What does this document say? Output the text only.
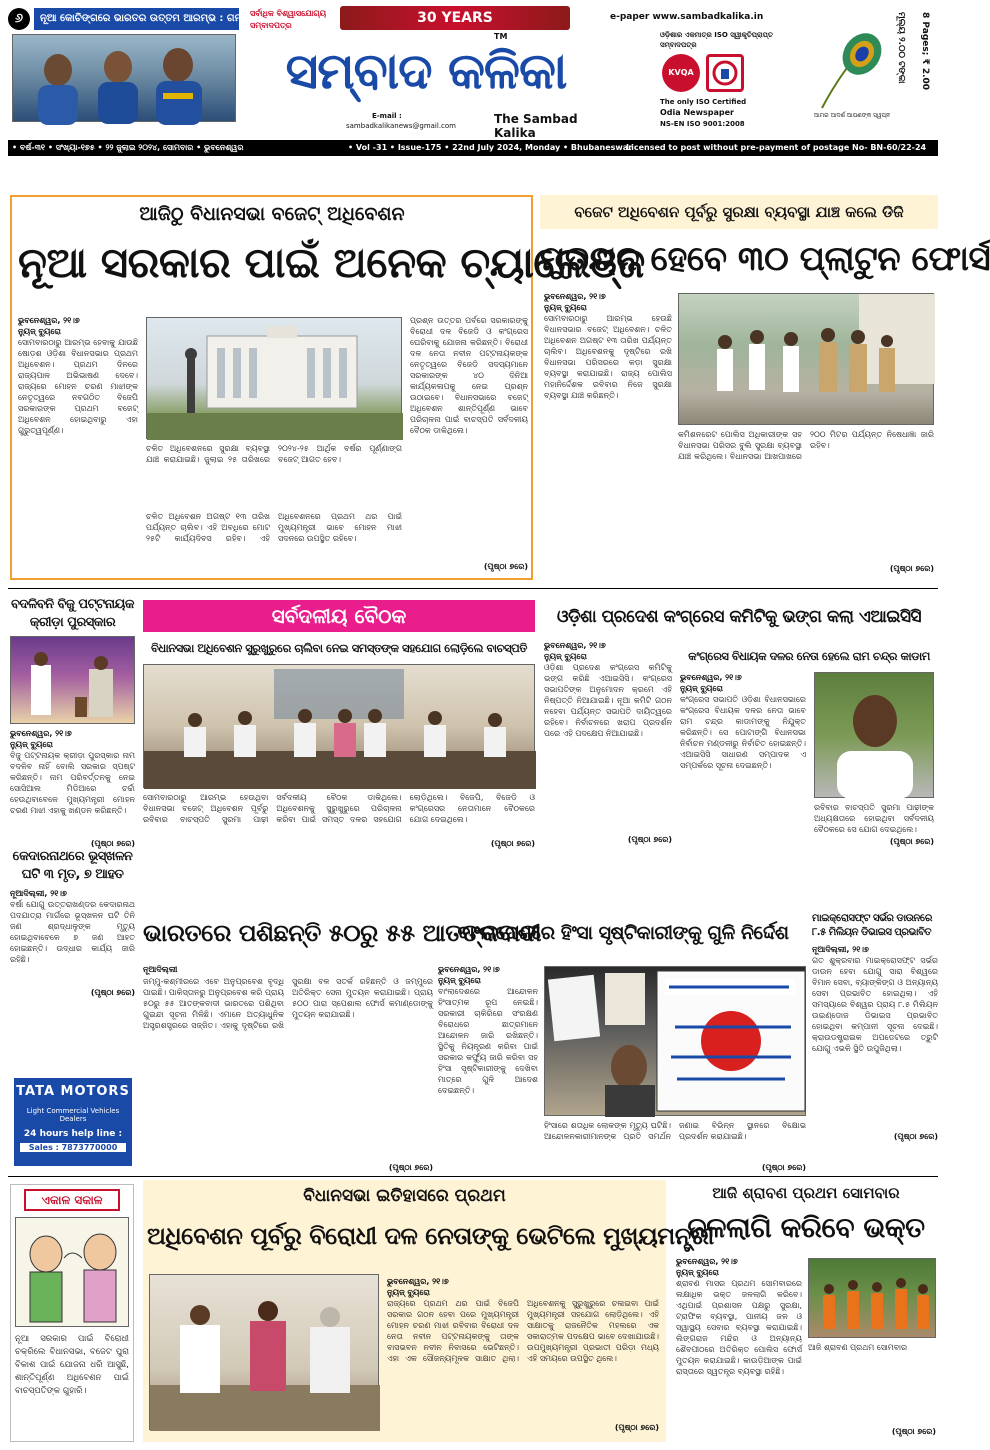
୬	ନୂଆ କୋଚିଙ୍ଗରେ ଭାରତର ଉତ୍ତମ ଆରମ୍ଭ : ଗମ୍ଭୀର
ସର୍ବାଧିକ ବିଶ୍ୱାସଯୋଗ୍ୟ ସମ୍ବାଦପତ୍ର	30 YEARS
ସମ୍ବାଦ କଳିକା
TM
E-mail :
sambadkalikanews@gmail.com	The Sambad Kalika
e-paper www.sambadkalika.in
ଓଡ଼ିଶାର ଏକମାତ୍ର ISO ସ୍ୱୀକୃତିପ୍ରାପ୍ତ ସମ୍ବାଦପତ୍ର
KVQA
The only ISO Certified
Odia Newspaper
NS-EN ISO 9001:2008
ଆମର ଆଦର୍ଶ ଆପଣଙ୍କ ସ୍ୱପ୍ନ
ମୂଲ୍ୟ ୨.୦୦ ଟଙ୍କା	8 Pages; ₹ 2.00
• ବର୍ଷ-୩୧ • ସଂଖ୍ୟା-୧୭୫ • ୨୨ ଜୁଲାଇ ୨୦୨୪, ସୋମବାର • ଭୁବନେଶ୍ୱର	• Vol -31 • Issue-175 • 22nd July 2024, Monday • BhubaneswarLicensed to post without pre-payment of postage No- BN-60/22-24
ଆଜିଠୁ ବିଧାନସଭା ବଜେଟ୍ ଅଧିବେଶନ
ନୂଆ ସରକାର ପାଇଁ ଅନେକ ଚ୍ୟାଲେଞ୍ଜ
ଭୁବନେଶ୍ୱର, ୨୧।୭
ନ୍ୟୁଜ୍ ବ୍ୟୁରୋ
ସୋମବାରଠାରୁ ଆରମ୍ଭ ହେବାକୁ ଯାଉଛି ଷୋଡ଼ଶ ଓଡ଼ିଶା ବିଧାନସଭାର ପ୍ରଥମ ଅଧିବେଶନ। ପ୍ରଥମ ଦିନରେ ରାଜ୍ୟପାଳ ଅଭିଭାଷଣ ଦେବେ। ରାଜ୍ୟରେ ମୋହନ ଚରଣ ମାଝୀଙ୍କ ନେତୃତ୍ୱରେ ନବଗଠିତ ବିଜେପି ସରକାରଙ୍କ ପ୍ରଥମ ବଜେଟ୍ ଅଧିବେଶନ ହୋଇଥିବାରୁ ଏହା ଗୁରୁତ୍ୱପୂର୍ଣ୍ଣ।
ଚଳିତ ଅଧିବେଶନରେ ସୁରକ୍ଷା ବ୍ୟବସ୍ଥା ଯାଞ୍ଚ କରାଯାଇଛି। ଜୁଲାଇ ୨୫ ତାରିଖରେ ୨୦୨୪-୨୫ ଆର୍ଥିକ ବର୍ଷର ପୂର୍ଣ୍ଣାଙ୍ଗ ବଜେଟ୍ ଆଗତ ହେବ।
ଚଳିତ ଅଧିବେଶନ ଅଗଷ୍ଟ ୧୩ ତାରିଖ ପର୍ଯ୍ୟନ୍ତ ଚାଲିବ। ଏହି ଅବଧିରେ ମୋଟ ୨୫ଟି କାର୍ଯ୍ୟଦିବସ ରହିବ। ଏହି ଅଧିବେଶନରେ ପ୍ରଥମ ଥର ପାଇଁ ମୁଖ୍ୟମନ୍ତ୍ରୀ ଭାବେ ମୋହନ ମାଝୀ ସଦନରେ ଉପସ୍ଥିତ ରହିବେ।
ପ୍ରଶ୍ନ ଉତ୍ତର ପର୍ବରେ ସରକାରଙ୍କୁ ବିରୋଧୀ ଦଳ ବିଜେଡି ଓ କଂଗ୍ରେସ ଘେରିବାକୁ ଯୋଜନା କରିଛନ୍ତି। ବିରୋଧୀ ଦଳ ନେତା ନବୀନ ପଟ୍ଟନାୟକଙ୍କ ନେତୃତ୍ୱରେ ବିଜେଡି ସଦସ୍ୟମାନେ ସରକାରଙ୍କ ୪୦ ଦିନିଆ କାର୍ଯ୍ୟକଳାପକୁ ନେଇ ପ୍ରଶ୍ନ ଉଠାଇବେ। ବିଧାନସଭାରେ ବଜେଟ୍ ଅଧିବେଶନ ଶାନ୍ତିପୂର୍ଣ୍ଣ ଭାବେ ପରିଚାଳନା ପାଇଁ ବାଚସ୍ପତି ସର୍ବଦଳୀୟ ବୈଠକ ଡାକିଥିଲେ।
(ପୃଷ୍ଠା ୭ରେ)
ବଜେଟ ଅଧିବେଶନ ପୂର୍ବରୁ ସୁରକ୍ଷା ବ୍ୟବସ୍ଥା ଯାଞ୍ଚ କଲେ ଡିଜି
ମୁତୟନ ହେବେ ୩୦ ପ୍ଲାଟୁନ ଫୋର୍ସ
ଭୁବନେଶ୍ୱର, ୨୧।୭
ନ୍ୟୁଜ୍ ବ୍ୟୁରୋ
ସୋମବାରଠାରୁ ଆରମ୍ଭ ହେଉଛି ବିଧାନସଭାର ବଜେଟ୍ ଅଧିବେଶନ। ଚଳିତ ଅଧିବେଶନ ଅଗଷ୍ଟ ୧୩ ତାରିଖ ପର୍ଯ୍ୟନ୍ତ ଚାଲିବ। ଅଧିବେଶନକୁ ଦୃଷ୍ଟିରେ ରଖି ବିଧାନସଭା ପରିସରରେ କଡ଼ା ସୁରକ୍ଷା ବ୍ୟବସ୍ଥା କରାଯାଇଛି। ରାଜ୍ୟ ପୋଲିସ ମହାନିର୍ଦ୍ଦେଶକ ରବିବାର ନିଜେ ସୁରକ୍ଷା ବ୍ୟବସ୍ଥା ଯାଞ୍ଚ କରିଛନ୍ତି।
କମିଶନରେଟ ପୋଲିସ ଅଧିକାରୀଙ୍କ ସହ ବିଧାନସଭା ପରିସର ବୁଲି ସୁରକ୍ଷା ବ୍ୟବସ୍ଥା ଯାଞ୍ଚ କରିଥିଲେ। ବିଧାନସଭା ଆଖପାଖରେ ୨୦୦ ମିଟର ପର୍ଯ୍ୟନ୍ତ ନିଷେଧାଜ୍ଞା ଜାରି ରହିବ।
(ପୃଷ୍ଠା ୭ରେ)
ବଦଳିବନି ବିଜୁ ପଟ୍ଟନାୟକ କ୍ରୀଡ଼ା ପୁରସ୍କାର
ଭୁବନେଶ୍ୱର, ୨୧।୭
ନ୍ୟୁଜ୍ ବ୍ୟୁରୋ
ବିଜୁ ପଟ୍ଟନାୟକ କ୍ରୀଡ଼ା ପୁରସ୍କାର ନାମ ବଦଳିବ ନାହିଁ ବୋଲି ସରକାର ସ୍ପଷ୍ଟ କରିଛନ୍ତି। ନାମ ପରିବର୍ତ୍ତନକୁ ନେଇ ସୋସିଆଲ ମିଡିଆରେ ଚର୍ଚ୍ଚା ହେଉଥିବାବେଳେ ମୁଖ୍ୟମନ୍ତ୍ରୀ ମୋହନ ଚରଣ ମାଝୀ ଏହାକୁ ଖଣ୍ଡନ କରିଛନ୍ତି।
(ପୃଷ୍ଠା ୭ରେ)
କେଦାରନାଥରେ ଭୂସ୍ଖଳନ ଘଟି ୩ ମୃତ, ୭ ଆହତ
ନୂଆଦିଲ୍ଲୀ, ୨୧।୭
ବର୍ଷା ଯୋଗୁ ଉତ୍ତରାଖଣ୍ଡର କେଦାରନାଥ ପଦଯାତ୍ରା ମାର୍ଗରେ ଭୂସ୍ଖଳନ ଘଟି ତିନି ଜଣ ଶ୍ରଦ୍ଧାଳୁଙ୍କ ମୃତ୍ୟୁ ହୋଇଥିବାବେଳେ ୭ ଜଣ ଆହତ ହୋଇଛନ୍ତି। ଉଦ୍ଧାର କାର୍ଯ୍ୟ ଜାରି ରହିଛି।
(ପୃଷ୍ଠା ୭ରେ)
TATA MOTORS
Light Commercial Vehicles
Dealers
24 hours help line :
Sales : 7873770000
ସର୍ବଦଳୀୟ ବୈଠକ
ବିଧାନସଭା ଅଧିବେଶନ ସୁରୁଖୁରୁରେ ଚାଲିବା ନେଇ ସମସ୍ତଙ୍କ ସହଯୋଗ ଲୋଡ଼ିଲେ ବାଚସ୍ପତି
ସୋମବାରଠାରୁ ଆରମ୍ଭ ହେଉଥିବା ବିଧାନସଭା ବଜେଟ୍ ଅଧିବେଶନ ପୂର୍ବରୁ ରବିବାର ବାଚସ୍ପତି ସୁରମା ପାଢ଼ୀ ସର୍ବଦଳୀୟ ବୈଠକ ଡାକିଥିଲେ। ଅଧିବେଶନକୁ ସୁରୁଖୁରୁରେ ପରିଚାଳନା କରିବା ପାଇଁ ସମସ୍ତ ଦଳର ସହଯୋଗ ଲୋଡ଼ିଥିଲେ। ବିଜେପି, ବିଜେଡି ଓ କଂଗ୍ରେସର ନେତାମାନେ ବୈଠକରେ ଯୋଗ ଦେଇଥିଲେ।
(ପୃଷ୍ଠା ୭ରେ)
ଓଡ଼ିଶା ପ୍ରଦେଶ କଂଗ୍ରେସ କମିଟିକୁ ଭଙ୍ଗ କଲା ଏଆଇସିସି
ଭୁବନେଶ୍ୱର, ୨୧।୭
ନ୍ୟୁଜ୍ ବ୍ୟୁରୋ
ଓଡ଼ିଶା ପ୍ରଦେଶ କଂଗ୍ରେସ କମିଟିକୁ ଭଙ୍ଗ କରିଛି ଏଆଇସିସି। କଂଗ୍ରେସ ସଭାପତିଙ୍କ ଅନୁମୋଦନ କ୍ରମେ ଏହି ନିଷ୍ପତ୍ତି ନିଆଯାଇଛି। ନୂଆ କମିଟି ଗଠନ ନହେବା ପର୍ଯ୍ୟନ୍ତ ସଭାପତି ଦାୟିତ୍ୱରେ ରହିବେ। ନିର୍ବାଚନରେ ଖରାପ ପ୍ରଦର୍ଶନ ପରେ ଏହି ପଦକ୍ଷେପ ନିଆଯାଇଛି।
(ପୃଷ୍ଠା ୭ରେ)
କଂଗ୍ରେସ ବିଧାୟକ ଦଳର ନେତା ହେଲେ ରାମ ଚନ୍ଦ୍ର କାଡାମ
ଭୁବନେଶ୍ୱର, ୨୧।୭
ନ୍ୟୁଜ୍ ବ୍ୟୁରୋ
କଂଗ୍ରେସ ସଭାପତି ଓଡ଼ିଶା ବିଧାନସଭାରେ କଂଗ୍ରେସ ବିଧାୟକ ଦଳର ନେତା ଭାବେ ରାମ ଚନ୍ଦ୍ର କାଡାମଙ୍କୁ ନିଯୁକ୍ତ କରିଛନ୍ତି। ସେ ପୋଟାଙ୍ଗି ବିଧାନସଭା ନିର୍ବାଚନ ମଣ୍ଡଳୀରୁ ନିର୍ବାଚିତ ହୋଇଛନ୍ତି। ଏଆଇସିସି ସାଧାରଣ ସମ୍ପାଦକ ଏ ସମ୍ପର୍କରେ ସୂଚନା ଦେଇଛନ୍ତି।
ରବିବାର ବାଚସ୍ପତି ସୁରମା ପାଢ଼ୀଙ୍କ ଅଧ୍ୟକ୍ଷତାରେ ହୋଇଥିବା ସର୍ବଦଳୀୟ ବୈଠକରେ ସେ ଯୋଗ ଦେଇଥିଲେ।
(ପୃଷ୍ଠା ୭ରେ)
ଭାରତରେ ପଶିଛନ୍ତି ୫୦ରୁ ୫୫ ଆତଙ୍କବାଦୀ
ନୂଆଦିଲ୍ଲୀ
ଜମ୍ମୁ-କଶ୍ମୀରରେ ଏବେ ଅନୁପ୍ରବେଶ ବୃଦ୍ଧି ପାଇଛି। ପାକିସ୍ତାନରୁ ଅନୁପ୍ରବେଶ କରି ପ୍ରାୟ ୫୦ରୁ ୫୫ ଆତଙ୍କବାଦୀ ଭାରତରେ ପଶିଥିବା ଗୁଇନ୍ଦା ସୂଚନା ମିଳିଛି। ଏମାନେ ଅତ୍ୟାଧୁନିକ ଅସ୍ତ୍ରଶସ୍ତ୍ରରେ ସଜ୍ଜିତ। ଏହାକୁ ଦୃଷ୍ଟିରେ ରଖି ସୁରକ୍ଷା ବଳ ସତର୍କ ରହିଛନ୍ତି ଓ ଜମ୍ମୁରେ ଅତିରିକ୍ତ ସେନା ମୁତୟନ କରାଯାଇଛି। ପ୍ରାୟ ୫୦୦ ପାରା ସ୍ପେଶାଲ ଫୋର୍ସ କମାଣ୍ଡୋଙ୍କୁ ମୁତୟନ କରାଯାଇଛି।
(ପୃଷ୍ଠା ୭ରେ)
ବାଂଲାଦେଶରେ ହିଂସା ସୃଷ୍ଟିକାରୀଙ୍କୁ ଗୁଳି ନିର୍ଦ୍ଦେଶ
ଭୁବନେଶ୍ୱର, ୨୧।୭
ନ୍ୟୁଜ୍ ବ୍ୟୁରୋ
ବାଂଲାଦେଶରେ ଆନ୍ଦୋଳନ ହିଂସାତ୍ମକ ରୂପ ନେଇଛି। ସରକାରୀ ଚାକିରିରେ ସଂରକ୍ଷଣ ବିରୋଧରେ ଛାତ୍ରମାନେ ଆନ୍ଦୋଳନ ଜାରି ରଖିଛନ୍ତି। ସ୍ଥିତିକୁ ନିୟନ୍ତ୍ରଣ କରିବା ପାଇଁ ସରକାର କର୍ଫ୍ୟୁ ଜାରି କରିବା ସହ ହିଂସା ସୃଷ୍ଟିକାରୀଙ୍କୁ ଦେଖିବା ମାତ୍ରେ ଗୁଳି ଆଦେଶ ଦେଇଛନ୍ତି।
ହିଂସାରେ ଶତାଧିକ ଲୋକଙ୍କ ମୃତ୍ୟୁ ଘଟିଛି। ଆନ୍ଦୋଳନକାରୀମାନଙ୍କ ପ୍ରତି ସମର୍ଥନ ଜଣାଇ ବିଭିନ୍ନ ସ୍ଥାନରେ ବିକ୍ଷୋଭ ପ୍ରଦର୍ଶନ କରାଯାଇଛି।
(ପୃଷ୍ଠା ୭ରେ)
ମାଇକ୍ରୋସଫ୍ଟ ସର୍ଭର ଡାଉନରେ ୮.୫ ମିଲିୟନ ଡିଭାଇସ ପ୍ରଭାବିତ
ନୂଆଦିଲ୍ଲୀ, ୨୧।୭
ଗତ ଶୁକ୍ରବାର ମାଇକ୍ରୋସଫ୍ଟ ସର୍ଭର ଡାଉନ ହେବା ଯୋଗୁ ସାରା ବିଶ୍ୱରେ ବିମାନ ସେବା, ବ୍ୟାଙ୍କିଙ୍ଗ ଓ ଅନ୍ୟାନ୍ୟ ସେବା ପ୍ରଭାବିତ ହୋଇଥିଲା। ଏହି ସମସ୍ୟାରେ ବିଶ୍ୱର ପ୍ରାୟ ୮.୫ ମିଲିୟନ ଉଇଣ୍ଡୋଜ ଡିଭାଇସ ପ୍ରଭାବିତ ହୋଇଥିବା କମ୍ପାନୀ ସୂଚନା ଦେଇଛି। କ୍ରାଉଡଷ୍ଟ୍ରାଇକ ଅପଡେଟରେ ତ୍ରୁଟି ଯୋଗୁ ଏଭଳି ସ୍ଥିତି ଉପୁଜିଥିଲା।
(ପୃଷ୍ଠା ୭ରେ)
ଏକାଳ ସକାଳ
ନୂଆ ସରକାର ପାଇଁ ବିରୋଧୀ ଚକ୍ରିଲେ ବିଧାନସଭା, ବଜେଟ ପୁରା ବିକାଶ ପାଇଁ ଯୋଜନା ଧରି ଆସୁଛି, ଶାନ୍ତିପୂର୍ଣ୍ଣ ଅଧିବେଶନ ପାଇଁ ବାଚସ୍ପତିଙ୍କ ଗୁହାରି।
ବିଧାନସଭା ଇତିହାସରେ ପ୍ରଥମ
ଅଧିବେଶନ ପୂର୍ବରୁ ବିରୋଧୀ ଦଳ ନେତାଙ୍କୁ ଭେଟିଲେ ମୁଖ୍ୟମନ୍ତ୍ରୀ
ଭୁବନେଶ୍ୱର, ୨୧।୭
ନ୍ୟୁଜ୍ ବ୍ୟୁରୋ
ରାଜ୍ୟରେ ପ୍ରଥମ ଥର ପାଇଁ ବିଜେପି ସରକାର ଗଠନ ହେବା ପରେ ମୁଖ୍ୟମନ୍ତ୍ରୀ ମୋହନ ଚରଣ ମାଝୀ ରବିବାର ବିରୋଧୀ ଦଳ ନେତା ନବୀନ ପଟ୍ଟନାୟକଙ୍କୁ ତାଙ୍କ ବାସଭବନ ନବୀନ ନିବାସରେ ଭେଟିଛନ୍ତି। ଏହା ଏକ ସୌଜନ୍ୟମୂଳକ ସାକ୍ଷାତ ଥିଲା। ଅଧିବେଶନକୁ ସୁରୁଖୁରୁରେ ଚଳାଇବା ପାଇଁ ମୁଖ୍ୟମନ୍ତ୍ରୀ ସହଯୋଗ ଲୋଡ଼ିଥିଲେ। ଏହି ସାକ୍ଷାତକୁ ରାଜନୈତିକ ମହଲରେ ଏକ ସକାରାତ୍ମକ ପଦକ୍ଷେପ ଭାବେ ଦେଖାଯାଉଛି। ଉପମୁଖ୍ୟମନ୍ତ୍ରୀ ପ୍ରଭାତୀ ପରିଡ଼ା ମଧ୍ୟ ଏହି ସମୟରେ ଉପସ୍ଥିତ ଥିଲେ।
(ପୃଷ୍ଠା ୭ରେ)
ଆଜି ଶ୍ରାବଣ ପ୍ରଥମ ସୋମବାର
ଜଳଲାଗି କରିବେ ଭକ୍ତ
ଭୁବନେଶ୍ୱର, ୨୧।୭
ନ୍ୟୁଜ୍ ବ୍ୟୁରୋ
ଶ୍ରାବଣ ମାସର ପ୍ରଥମ ସୋମବାରରେ ଲକ୍ଷାଧିକ ଭକ୍ତ ଜଳଲାଗି କରିବେ। ଏଥିପାଇଁ ପ୍ରଶାସନ ପକ୍ଷରୁ ସୁରକ୍ଷା, ଟ୍ରାଫିକ ବ୍ୟବସ୍ଥା, ପାନୀୟ ଜଳ ଓ ସ୍ୱାସ୍ଥ୍ୟ ସେବାର ବ୍ୟବସ୍ଥା କରାଯାଇଛି। ଲିଙ୍ଗରାଜ ମନ୍ଦିର ଓ ଅନ୍ୟାନ୍ୟ ଶୈବପୀଠରେ ଅତିରିକ୍ତ ପୋଲିସ ଫୋର୍ସ ମୁତୟନ କରାଯାଇଛି। କାଉଡ଼ିଆଙ୍କ ପାଇଁ ରାସ୍ତାରେ ସ୍ୱତନ୍ତ୍ର ବ୍ୟବସ୍ଥା ରହିଛି।
ଆଜି ଶ୍ରାବଣ ପ୍ରଥମ ସୋମବାର
(ପୃଷ୍ଠା ୭ରେ)
